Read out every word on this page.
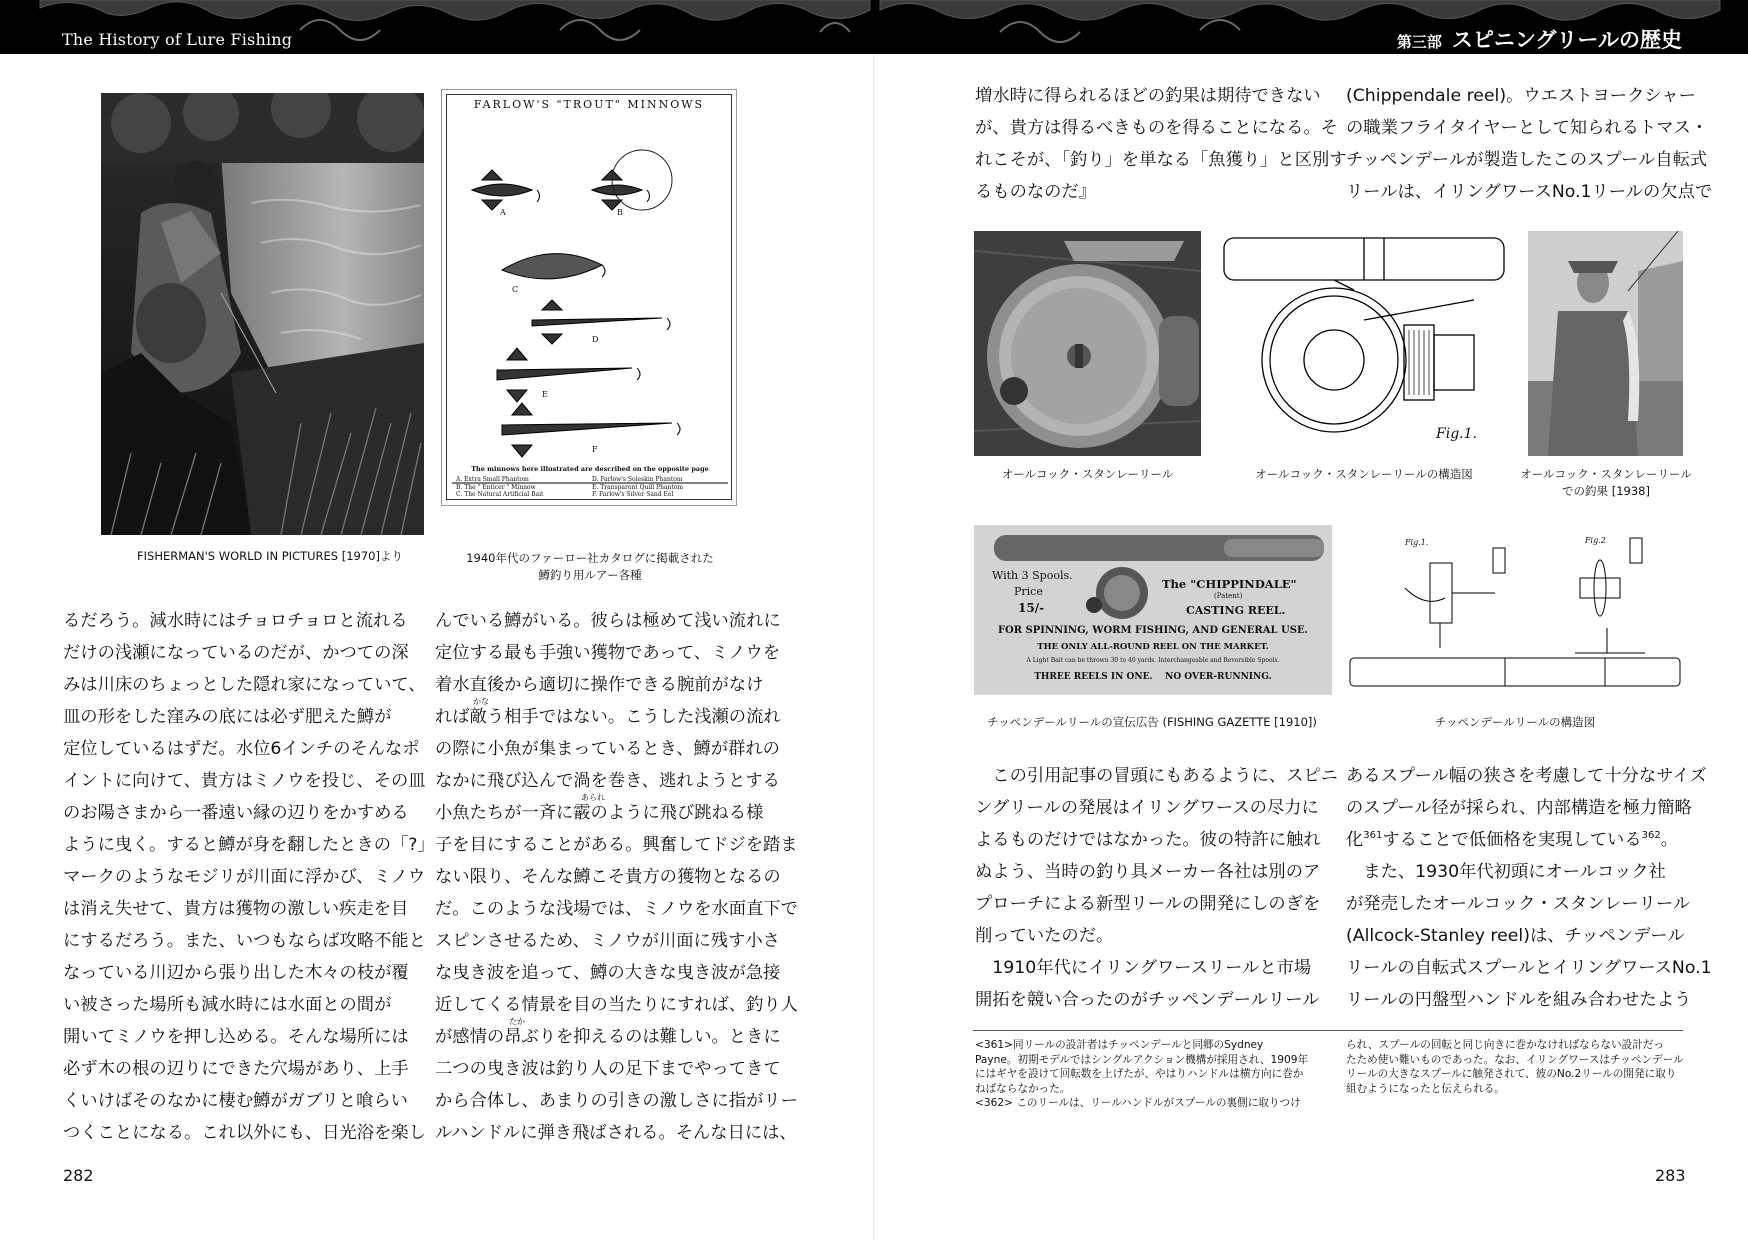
The History of Lure Fishing	第三部 スピニングリールの歴史
FISHERMAN'S WORLD IN PICTURES [1970]より
FARLOW'S "TROUT" MINNOWS
A	B
C
D
E
F
The minnows here illustrated are described on the opposite page
A. Extra Small Phantom
B. The " Enticer " Minnow
C. The Natural Artificial Bait
D. Farlow's Soleskin Phantom
E. Transparent Quill Phantom
F. Farlow's Silver Sand Eel
1940年代のファーロー社カタログに掲載された
鱒釣り用ルアー各種
るだろう。減水時にはチョロチョロと流れる
だけの浅瀬になっているのだが、かつての深
みは川床のちょっとした隠れ家になっていて、
皿の形をした窪みの底には必ず肥えた鱒が
定位しているはずだ。水位6インチのそんなポ
イントに向けて、貴方はミノウを投じ、その皿
のお陽さまから一番遠い縁の辺りをかすめる
ように曳く。すると鱒が身を翻したときの「?」
マークのようなモジリが川面に浮かび、ミノウ
は消え失せて、貴方は獲物の激しい疾走を目
にするだろう。また、いつもならば攻略不能と
なっている川辺から張り出した木々の枝が覆
い被さった場所も減水時には水面との間が
開いてミノウを押し込める。そんな場所には
必ず木の根の辺りにできた穴場があり、上手
くいけばそのなかに棲む鱒がガブリと喰らい
つくことになる。これ以外にも、日光浴を楽し
んでいる鱒がいる。彼らは極めて浅い流れに
定位する最も手強い獲物であって、ミノウを
着水直後から適切に操作できる腕前がなけ
れば敵う相手ではない。こうした浅瀬の流れ
の際に小魚が集まっているとき、鱒が群れの
なかに飛び込んで渦を巻き、逃れようとする
小魚たちが一斉に霰のように飛び跳ねる様
子を目にすることがある。興奮してドジを踏ま
ない限り、そんな鱒こそ貴方の獲物となるの
だ。このような浅場では、ミノウを水面直下で
スピンさせるため、ミノウが川面に残す小さ
な曳き波を追って、鱒の大きな曳き波が急接
近してくる情景を目の当たりにすれば、釣り人
が感情の昂ぶりを抑えるのは難しい。ときに
二つの曳き波は釣り人の足下までやってきて
から合体し、あまりの引きの激しさに指がリー
ルハンドルに弾き飛ばされる。そんな日には、
かな
あられ
たか
282
増水時に得られるほどの釣果は期待できない
が、貴方は得るべきものを得ることになる。そ
れこそが、「釣り」を単なる「魚獲り」と区別す
るものなのだ』
(Chippendale reel)。ウエストヨークシャー
の職業フライタイヤーとして知られるトマス・
チッペンデールが製造したこのスプール自転式
リールは、イリングワースNo.1リールの欠点で
オールコック・スタンレーリール
Fig.1.
オールコック・スタンレーリールの構造図	オールコック・スタンレーリール
での釣果 [1938]
With 3 Spools.
Price
15/-
The "CHIPPINDALE"
(Patent)
CASTING REEL.
FOR SPINNING, WORM FISHING, AND GENERAL USE.
THE ONLY ALL-ROUND REEL ON THE MARKET.
A Light Bait can be thrown 30 to 40 yards. Interchangeable and Reversible Spools.
THREE REELS IN ONE.    NO OVER-RUNNING.
チッペンデールリールの宣伝広告 (FISHING GAZETTE [1910])
Fig.1.	Fig.2
チッペンデールリールの構造図
　この引用記事の冒頭にもあるように、スピニ
ングリールの発展はイリングワースの尽力に
よるものだけではなかった。彼の特許に触れ
ぬよう、当時の釣り具メーカー各社は別のア
プローチによる新型リールの開発にしのぎを
削っていたのだ。
　1910年代にイリングワースリールと市場
開拓を競い合ったのがチッペンデールリール
あるスプール幅の狭さを考慮して十分なサイズ
のスプール径が採られ、内部構造を極力簡略
化$^{361}$することで低価格を実現している$^{362}$。
　また、1930年代初頭にオールコック社
が発売したオールコック・スタンレーリール
(Allcock-Stanley reel)は、チッペンデール
リールの自転式スプールとイリングワースNo.1
リールの円盤型ハンドルを組み合わせたよう
<361>同リールの設計者はチッペンデールと同郷のSydney
Payne。初期モデルではシングルアクション機構が採用され、1909年
にはギヤを設けて回転数を上げたが、やはりハンドルは横方向に巻か
ねばならなかった。
<362> このリールは、リールハンドルがスプールの裏側に取りつけ
られ、スプールの回転と同じ向きに巻かなければならない設計だっ
たため使い難いものであった。なお、イリングワースはチッペンデール
リールの大きなスプールに触発されて、彼のNo.2リールの開発に取り
組むようになったと伝えられる。
283
